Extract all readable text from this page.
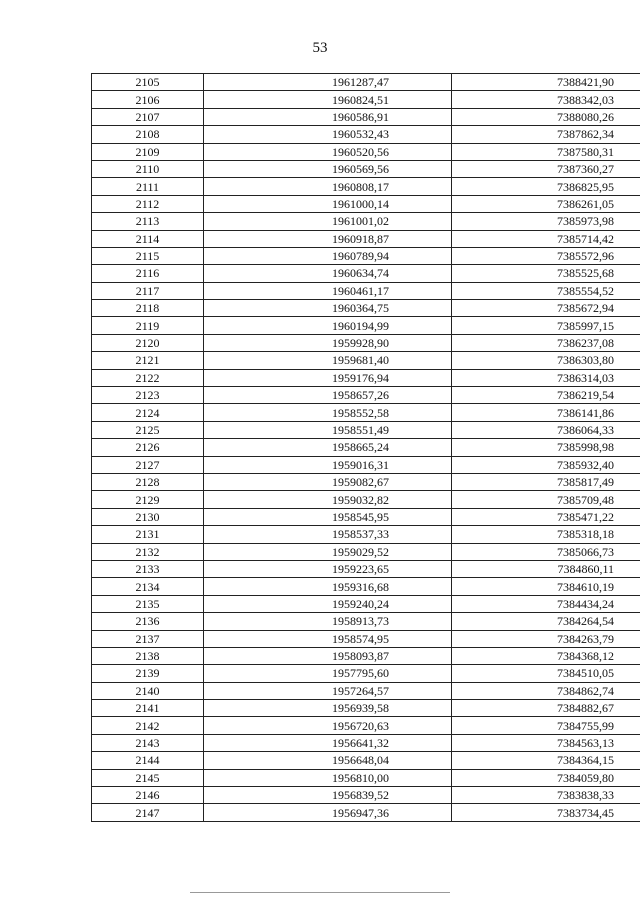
53
2105	1961287,47	7388421,90
2106	1960824,51	7388342,03
2107	1960586,91	7388080,26
2108	1960532,43	7387862,34
2109	1960520,56	7387580,31
2110	1960569,56	7387360,27
2111	1960808,17	7386825,95
2112	1961000,14	7386261,05
2113	1961001,02	7385973,98
2114	1960918,87	7385714,42
2115	1960789,94	7385572,96
2116	1960634,74	7385525,68
2117	1960461,17	7385554,52
2118	1960364,75	7385672,94
2119	1960194,99	7385997,15
2120	1959928,90	7386237,08
2121	1959681,40	7386303,80
2122	1959176,94	7386314,03
2123	1958657,26	7386219,54
2124	1958552,58	7386141,86
2125	1958551,49	7386064,33
2126	1958665,24	7385998,98
2127	1959016,31	7385932,40
2128	1959082,67	7385817,49
2129	1959032,82	7385709,48
2130	1958545,95	7385471,22
2131	1958537,33	7385318,18
2132	1959029,52	7385066,73
2133	1959223,65	7384860,11
2134	1959316,68	7384610,19
2135	1959240,24	7384434,24
2136	1958913,73	7384264,54
2137	1958574,95	7384263,79
2138	1958093,87	7384368,12
2139	1957795,60	7384510,05
2140	1957264,57	7384862,74
2141	1956939,58	7384882,67
2142	1956720,63	7384755,99
2143	1956641,32	7384563,13
2144	1956648,04	7384364,15
2145	1956810,00	7384059,80
2146	1956839,52	7383838,33
2147	1956947,36	7383734,45
